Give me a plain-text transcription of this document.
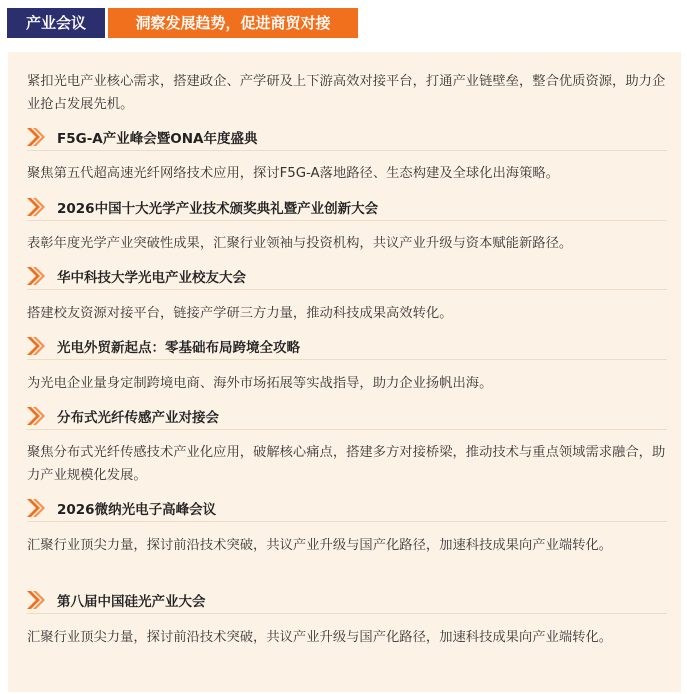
产业会议	洞察发展趋势，促进商贸对接

紧扣光电产业核心需求，搭建政企、产学研及上下游高效对接平台，打通产业链壁垒，整合优质资源，助力企业抢占发展先机。

F5G-A产业峰会暨ONA年度盛典

聚焦第五代超高速光纤网络技术应用，探讨F5G-A落地路径、生态构建及全球化出海策略。

2026中国十大光学产业技术颁奖典礼暨产业创新大会

表彰年度光学产业突破性成果，汇聚行业领袖与投资机构，共议产业升级与资本赋能新路径。

华中科技大学光电产业校友大会

搭建校友资源对接平台，链接产学研三方力量，推动科技成果高效转化。

光电外贸新起点：零基础布局跨境全攻略

为光电企业量身定制跨境电商、海外市场拓展等实战指导，助力企业扬帆出海。

分布式光纤传感产业对接会

聚焦分布式光纤传感技术产业化应用，破解核心痛点，搭建多方对接桥梁，推动技术与重点领域需求融合，助力产业规模化发展。

2026微纳光电子高峰会议

汇聚行业顶尖力量，探讨前沿技术突破，共议产业升级与国产化路径，加速科技成果向产业端转化。

第八届中国硅光产业大会

汇聚行业顶尖力量，探讨前沿技术突破，共议产业升级与国产化路径，加速科技成果向产业端转化。
